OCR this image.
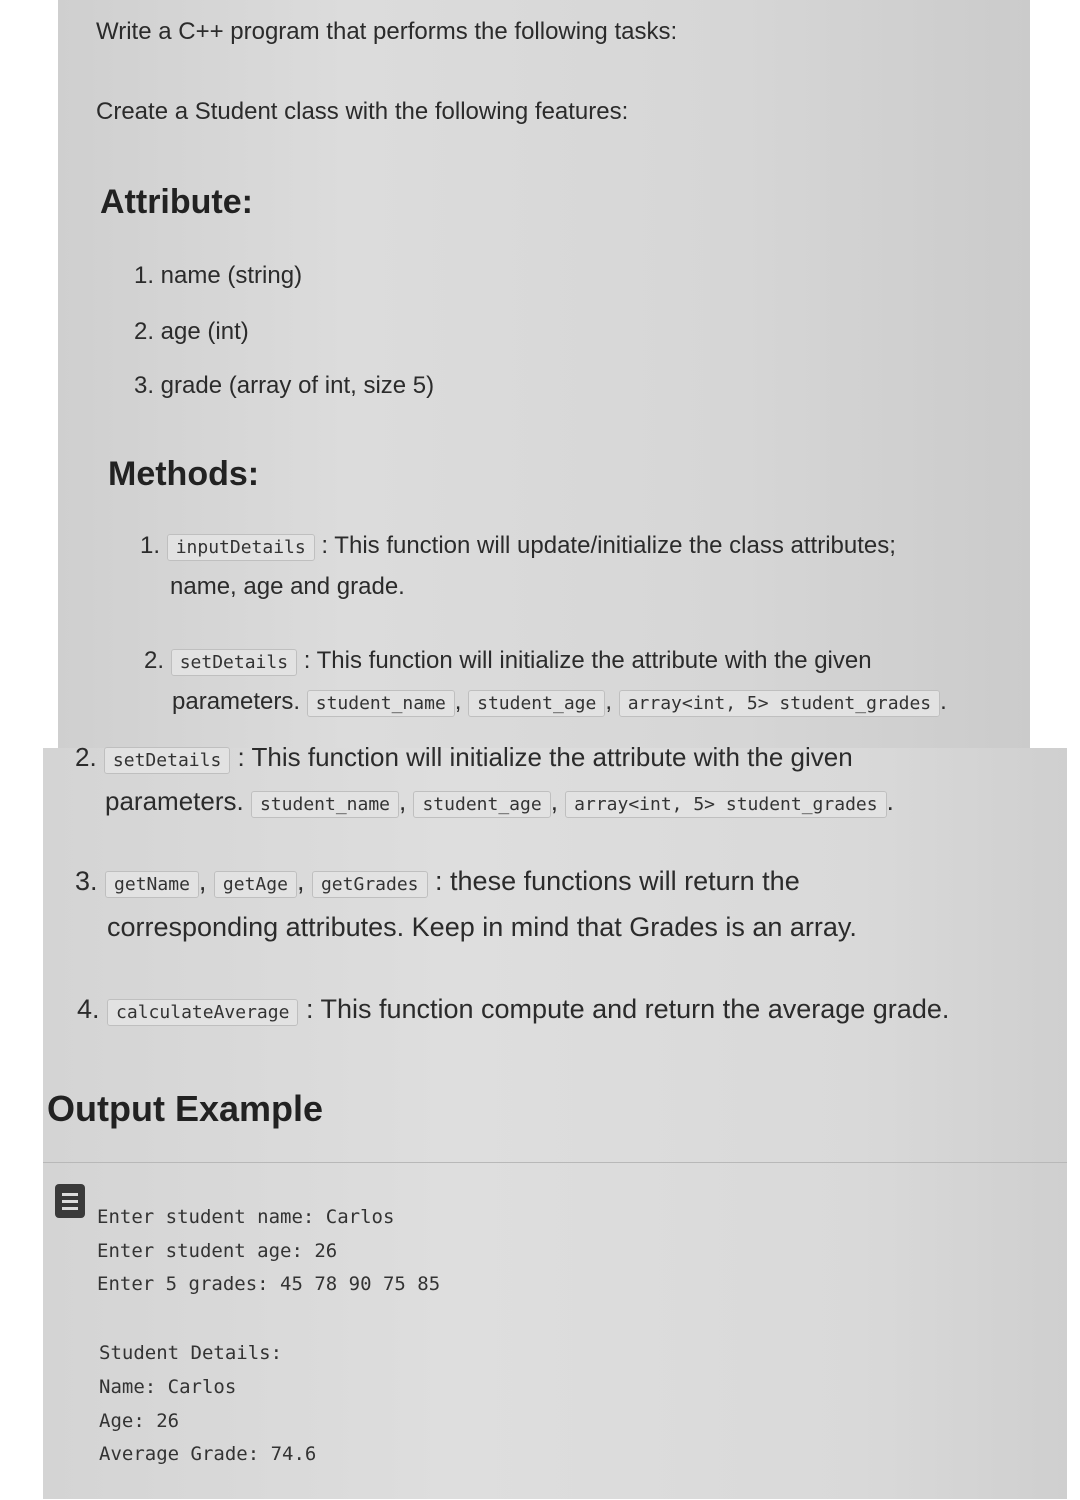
Write a C++ program that performs the following tasks:
Create a Student class with the following features:
Attribute:
1. name (string)
2. age (int)
3. grade (array of int, size 5)
Methods:
1. inputDetails : This function will update/initialize the class attributes;
name, age and grade.
2. setDetails : This function will initialize the attribute with the given
parameters. student_name , student_age , array<int, 5> student_grades .
2. setDetails : This function will initialize the attribute with the given
parameters. student_name , student_age , array<int, 5> student_grades .
3. getName , getAge , getGrades : these functions will return the
corresponding attributes. Keep in mind that Grades is an array.
4. calculateAverage : This function compute and return the average grade.
Output Example
Enter student name: Carlos
Enter student age: 26
Enter 5 grades: 45 78 90 75 85
Student Details:
Name: Carlos
Age: 26
Average Grade: 74.6
